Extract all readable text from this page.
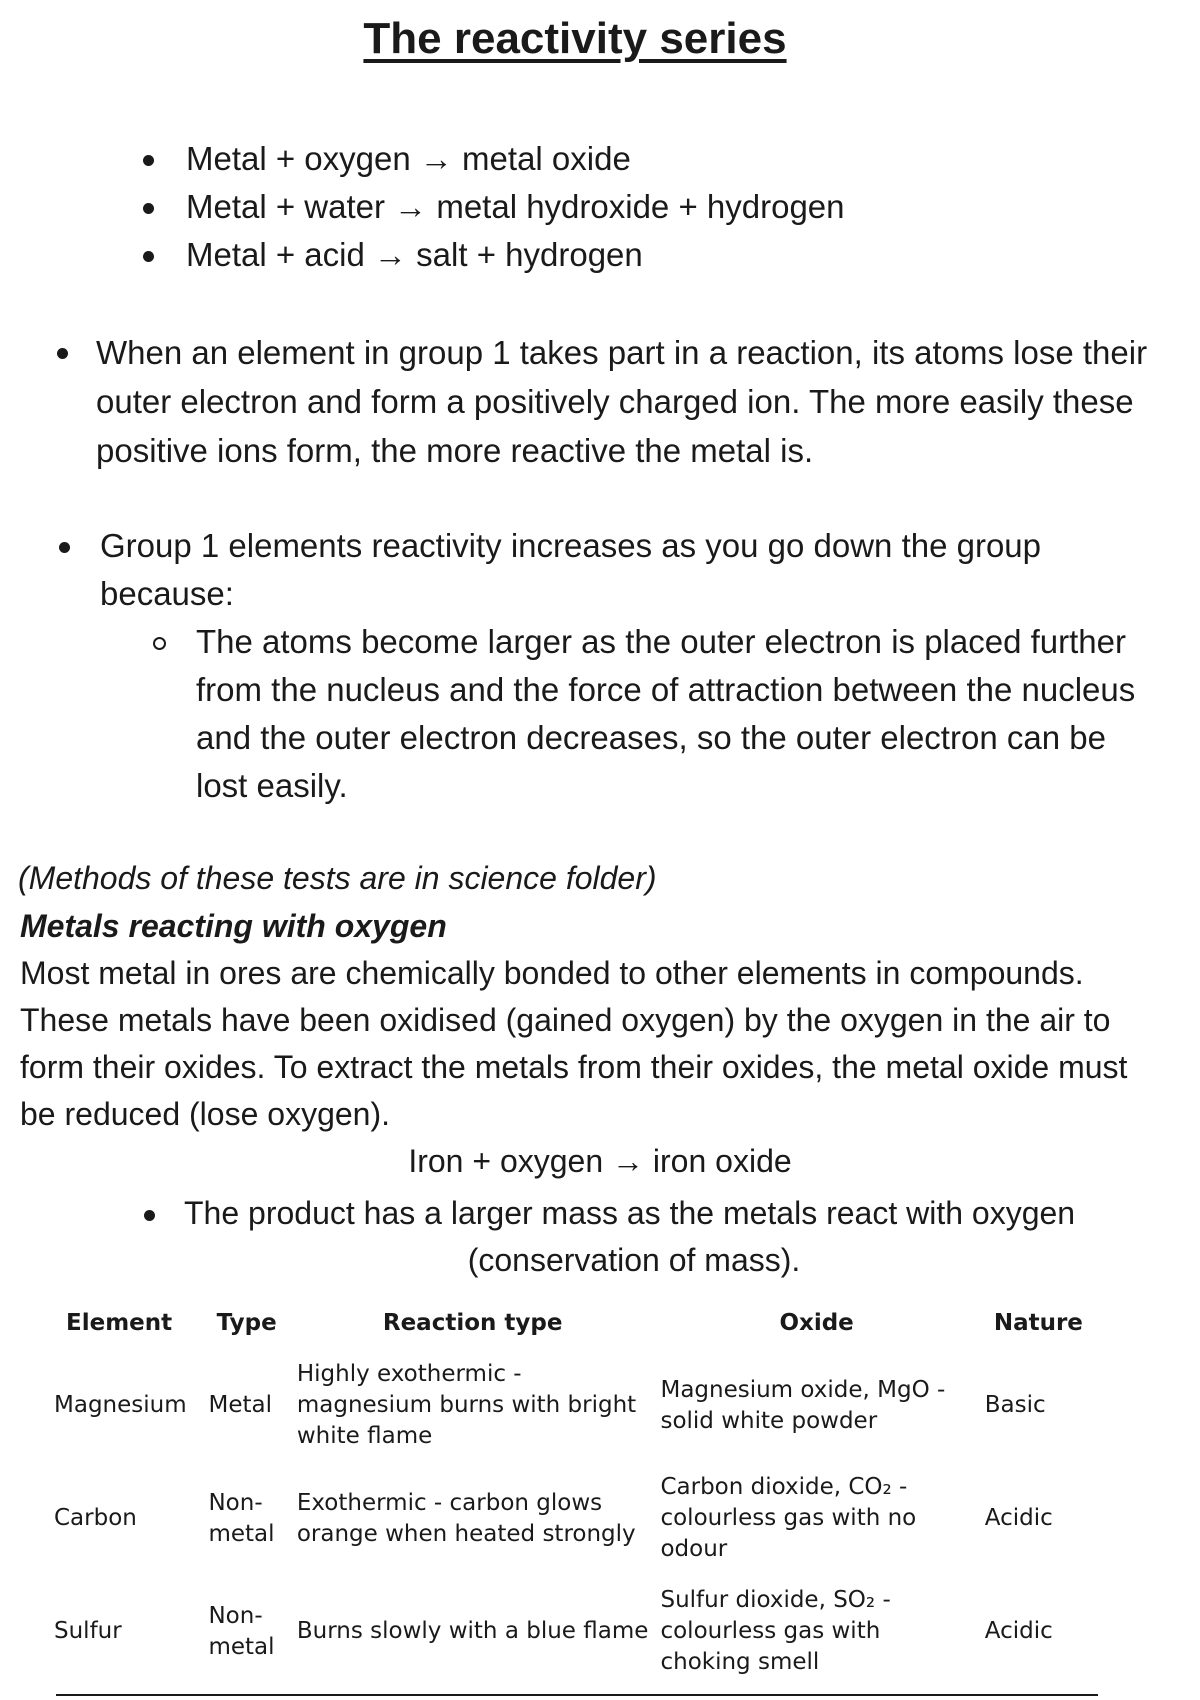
The reactivity series
Metal + oxygen → metal oxide
Metal + water → metal hydroxide + hydrogen
Metal + acid → salt + hydrogen
When an element in group 1 takes part in a reaction, its atoms lose their outer electron and form a positively charged ion. The more easily these positive ions form, the more reactive the metal is.
Group 1 elements reactivity increases as you go down the group because:
The atoms become larger as the outer electron is placed further from the nucleus and the force of attraction between the nucleus and the outer electron decreases, so the outer electron can be lost easily.
(Methods of these tests are in science folder)
Metals reacting with oxygen
Most metal in ores are chemically bonded to other elements in compounds. These metals have been oxidised (gained oxygen) by the oxygen in the air to form their oxides. To extract the metals from their oxides, the metal oxide must be reduced (lose oxygen).
Iron + oxygen → iron oxide
The product has a larger mass as the metals react with oxygen
(conservation of mass).
Element	Type	Reaction type	Oxide	Nature
Magnesium	Metal	Highly exothermic - magnesium burns with bright white flame	Magnesium oxide, MgO - solid white powder	Basic
Carbon	Non-metal	Exothermic - carbon glows orange when heated strongly	Carbon dioxide, CO₂ - colourless gas with no odour	Acidic
Sulfur	Non-metal	Burns slowly with a blue flame	Sulfur dioxide, SO₂ - colourless gas with choking smell	Acidic
